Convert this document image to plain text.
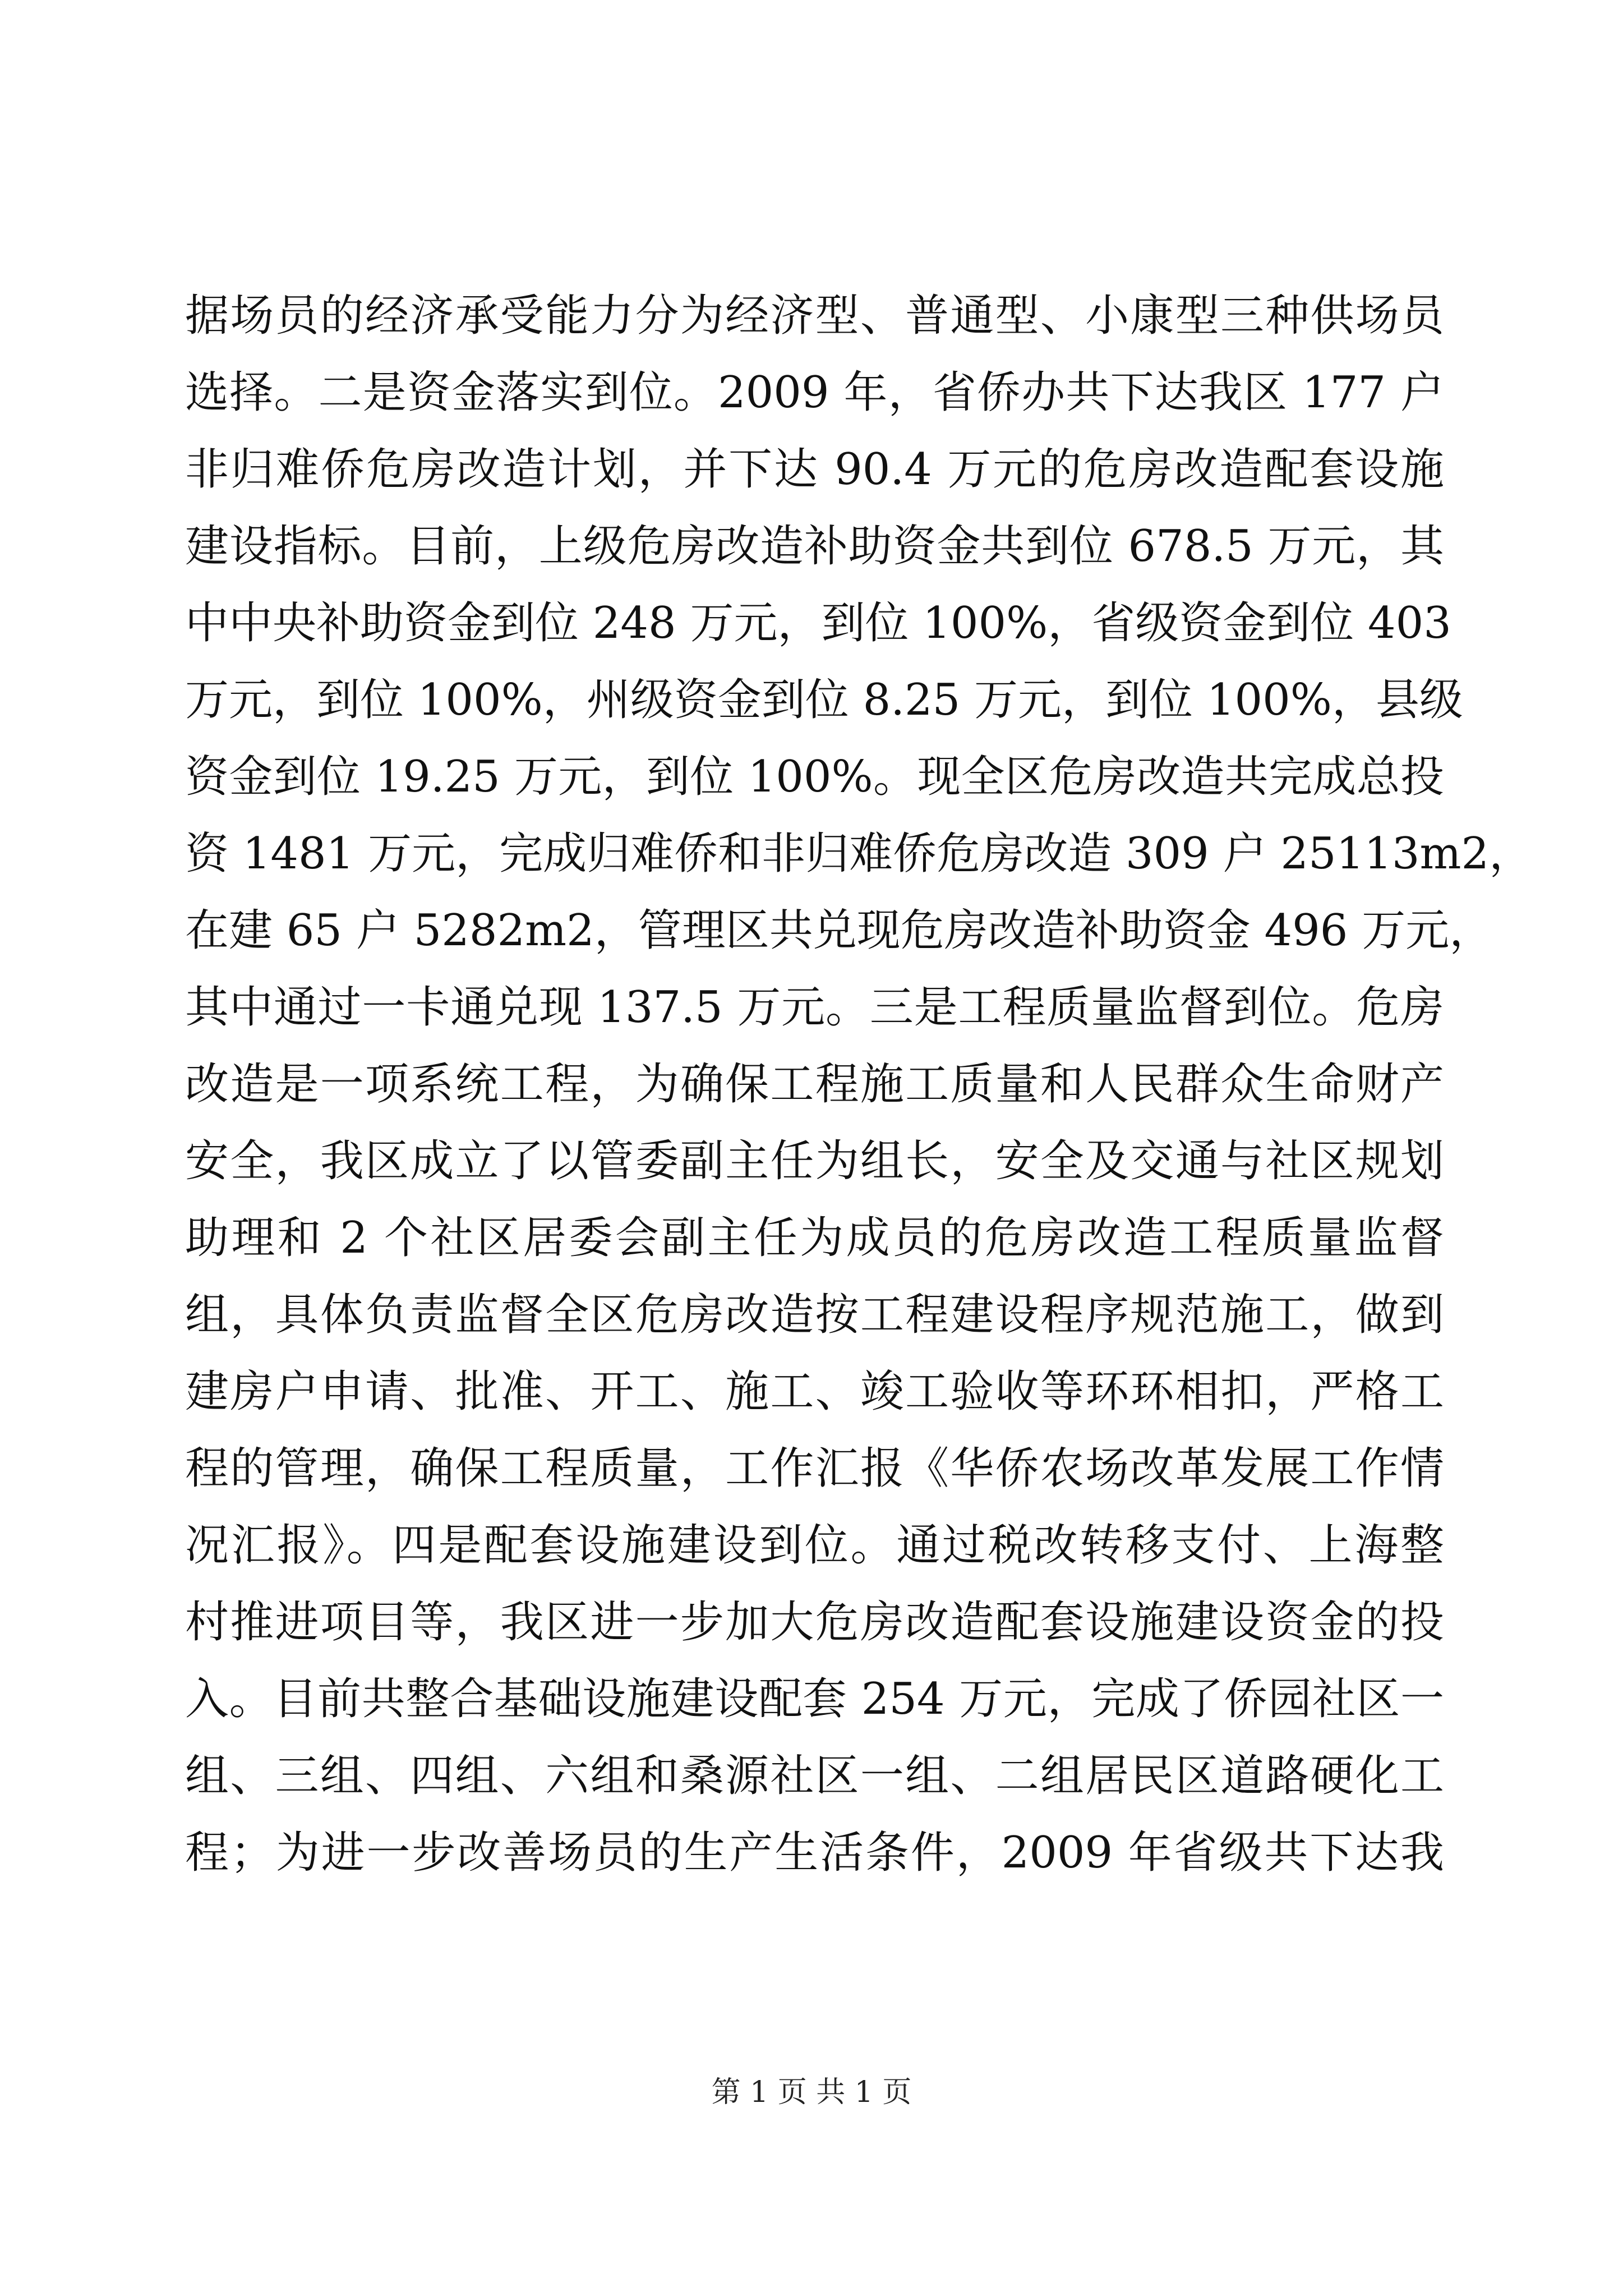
据场员的经济承受能力分为经济型、普通型、小康型三种供场员
选择。二是资金落实到位。2009 年，省侨办共下达我区 177 户
非归难侨危房改造计划，并下达 90.4 万元的危房改造配套设施
建设指标。目前，上级危房改造补助资金共到位 678.5 万元，其
中中央补助资金到位 248 万元，到位 100%，省级资金到位 403
万元，到位 100%，州级资金到位 8.25 万元，到位 100%，县级
资金到位 19.25 万元，到位 100%。现全区危房改造共完成总投
资 1481 万元，完成归难侨和非归难侨危房改造 309 户 25113m2，
在建 65 户 5282m2，管理区共兑现危房改造补助资金 496 万元，
其中通过一卡通兑现 137.5 万元。三是工程质量监督到位。危房
改造是一项系统工程，为确保工程施工质量和人民群众生命财产
安全，我区成立了以管委副主任为组长，安全及交通与社区规划
助理和 2 个社区居委会副主任为成员的危房改造工程质量监督
组，具体负责监督全区危房改造按工程建设程序规范施工，做到
建房户申请、批准、开工、施工、竣工验收等环环相扣，严格工
程的管理，确保工程质量，工作汇报《华侨农场改革发展工作情
况汇报》。四是配套设施建设到位。通过税改转移支付、上海整
村推进项目等，我区进一步加大危房改造配套设施建设资金的投
入。目前共整合基础设施建设配套 254 万元，完成了侨园社区一
组、三组、四组、六组和桑源社区一组、二组居民区道路硬化工
程；为进一步改善场员的生产生活条件，2009 年省级共下达我
第 1 页 共 1 页
